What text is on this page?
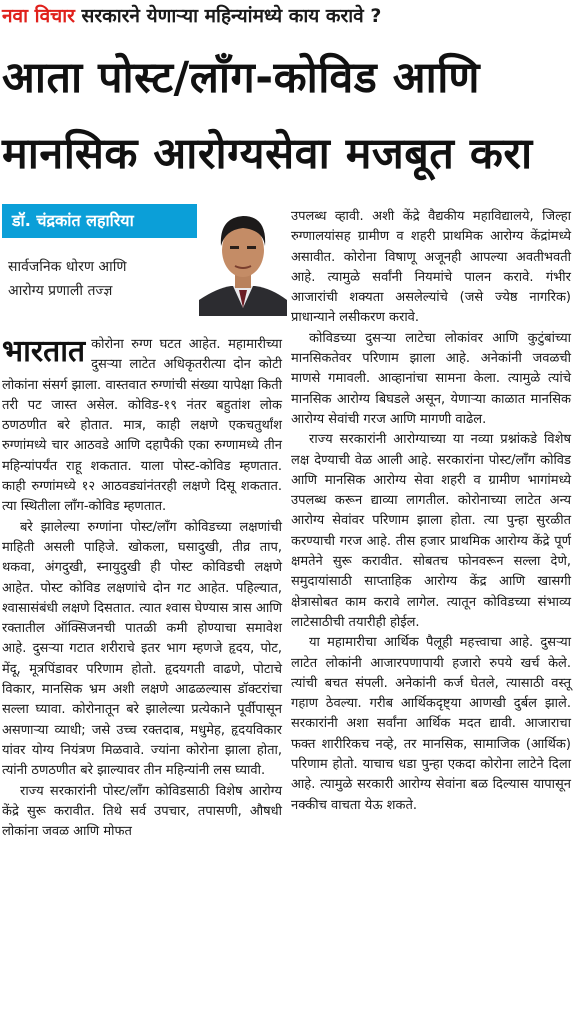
नवा विचार सरकारने येणाऱ्या महिन्यांमध्ये काय करावे ?
आता पोस्ट/लाँग-कोविड आणि
मानसिक आरोग्यसेवा मजबूत करा
डॉ. चंद्रकांत लहारिया
सार्वजनिक धोरण आणि
आरोग्य प्रणाली तज्ज्ञ

भारतात कोरोना रुग्ण घटत आहेत. महामारीच्या दुसऱ्या लाटेत अधिकृतरीत्या दोन कोटी लोकांना संसर्ग झाला. वास्तवात रुग्णांची संख्या यापेक्षा किती तरी पट जास्त असेल. कोविड-१९ नंतर बहुतांश लोक ठणठणीत बरे होतात. मात्र, काही लक्षणे एकचतुर्थांश रुग्णांमध्ये चार आठवडे आणि दहापैकी एका रुग्णामध्ये तीन महिन्यांपर्यंत राहू शकतात. याला पोस्ट-कोविड म्हणतात. काही रुग्णांमध्ये १२ आठवड्यांनंतरही लक्षणे दिसू शकतात. त्या स्थितीला लाँग-कोविड म्हणतात.

बरे झालेल्या रुग्णांना पोस्ट/लाँग कोविडच्या लक्षणांची माहिती असली पाहिजे. खोकला, घसादुखी, तीव्र ताप, थकवा, अंगदुखी, स्नायुदुखी ही पोस्ट कोविडची लक्षणे आहेत. पोस्ट कोविड लक्षणांचे दोन गट आहेत. पहिल्यात, श्वासासंबंधी लक्षणे दिसतात. त्यात श्वास घेण्यास त्रास आणि रक्तातील ऑक्सिजनची पातळी कमी होण्याचा समावेश आहे. दुसऱ्या गटात शरीराचे इतर भाग म्हणजे हृदय, पोट, मेंदू, मूत्रपिंडावर परिणाम होतो. हृदयगती वाढणे, पोटाचे विकार, मानसिक भ्रम अशी लक्षणे आढळल्यास डॉक्टरांचा सल्ला घ्यावा. कोरोनातून बरे झालेल्या प्रत्येकाने पूर्वीपासून असणाऱ्या व्याधी; जसे उच्च रक्तदाब, मधुमेह, हृदयविकार यांवर योग्य नियंत्रण मिळवावे. ज्यांना कोरोना झाला होता, त्यांनी ठणठणीत बरे झाल्यावर तीन महिन्यांनी लस घ्यावी.

राज्य सरकारांनी पोस्ट/लाँग कोविडसाठी विशेष आरोग्य केंद्रे सुरू करावीत. तिथे सर्व उपचार, तपासणी, औषधी लोकांना जवळ आणि मोफत

उपलब्ध व्हावी. अशी केंद्रे वैद्यकीय महाविद्यालये, जिल्हा रुग्णालयांसह ग्रामीण व शहरी प्राथमिक आरोग्य केंद्रांमध्ये असावीत. कोरोना विषाणू अजूनही आपल्या अवतीभवती आहे. त्यामुळे सर्वांनी नियमांचे पालन करावे. गंभीर आजारांची शक्यता असलेल्यांचे (जसे ज्येष्ठ नागरिक) प्राधान्याने लसीकरण करावे.

कोविडच्या दुसऱ्या लाटेचा लोकांवर आणि कुटुंबांच्या मानसिकतेवर परिणाम झाला आहे. अनेकांनी जवळची माणसे गमावली. आव्हानांचा सामना केला. त्यामुळे त्यांचे मानसिक आरोग्य बिघडले असून, येणाऱ्या काळात मानसिक आरोग्य सेवांची गरज आणि मागणी वाढेल.

राज्य सरकारांनी आरोग्याच्या या नव्या प्रश्नांकडे विशेष लक्ष देण्याची वेळ आली आहे. सरकारांना पोस्ट/लाँग कोविड आणि मानसिक आरोग्य सेवा शहरी व ग्रामीण भागांमध्ये उपलब्ध करून द्याव्या लागतील. कोरोनाच्या लाटेत अन्य आरोग्य सेवांवर परिणाम झाला होता. त्या पुन्हा सुरळीत करण्याची गरज आहे. तीस हजार प्राथमिक आरोग्य केंद्रे पूर्ण क्षमतेने सुरू करावीत. सोबतच फोनवरून सल्ला देणे, समुदायांसाठी साप्ताहिक आरोग्य केंद्र आणि खासगी क्षेत्रासोबत काम करावे लागेल. त्यातून कोविडच्या संभाव्य लाटेसाठीची तयारीही होईल.

या महामारीचा आर्थिक पैलूही महत्त्वाचा आहे. दुसऱ्या लाटेत लोकांनी आजारपणापायी हजारो रुपये खर्च केले. त्यांची बचत संपली. अनेकांनी कर्ज घेतले, त्यासाठी वस्तू गहाण ठेवल्या. गरीब आर्थिकदृष्ट्या आणखी दुर्बल झाले. सरकारांनी अशा सर्वांना आर्थिक मदत द्यावी. आजाराचा फक्त शारीरिकच नव्हे, तर मानसिक, सामाजिक (आर्थिक) परिणाम होतो. याचाच धडा पुन्हा एकदा कोरोना लाटेने दिला आहे. त्यामुळे सरकारी आरोग्य सेवांना बळ दिल्यास यापासून नक्कीच वाचता येऊ शकते.
